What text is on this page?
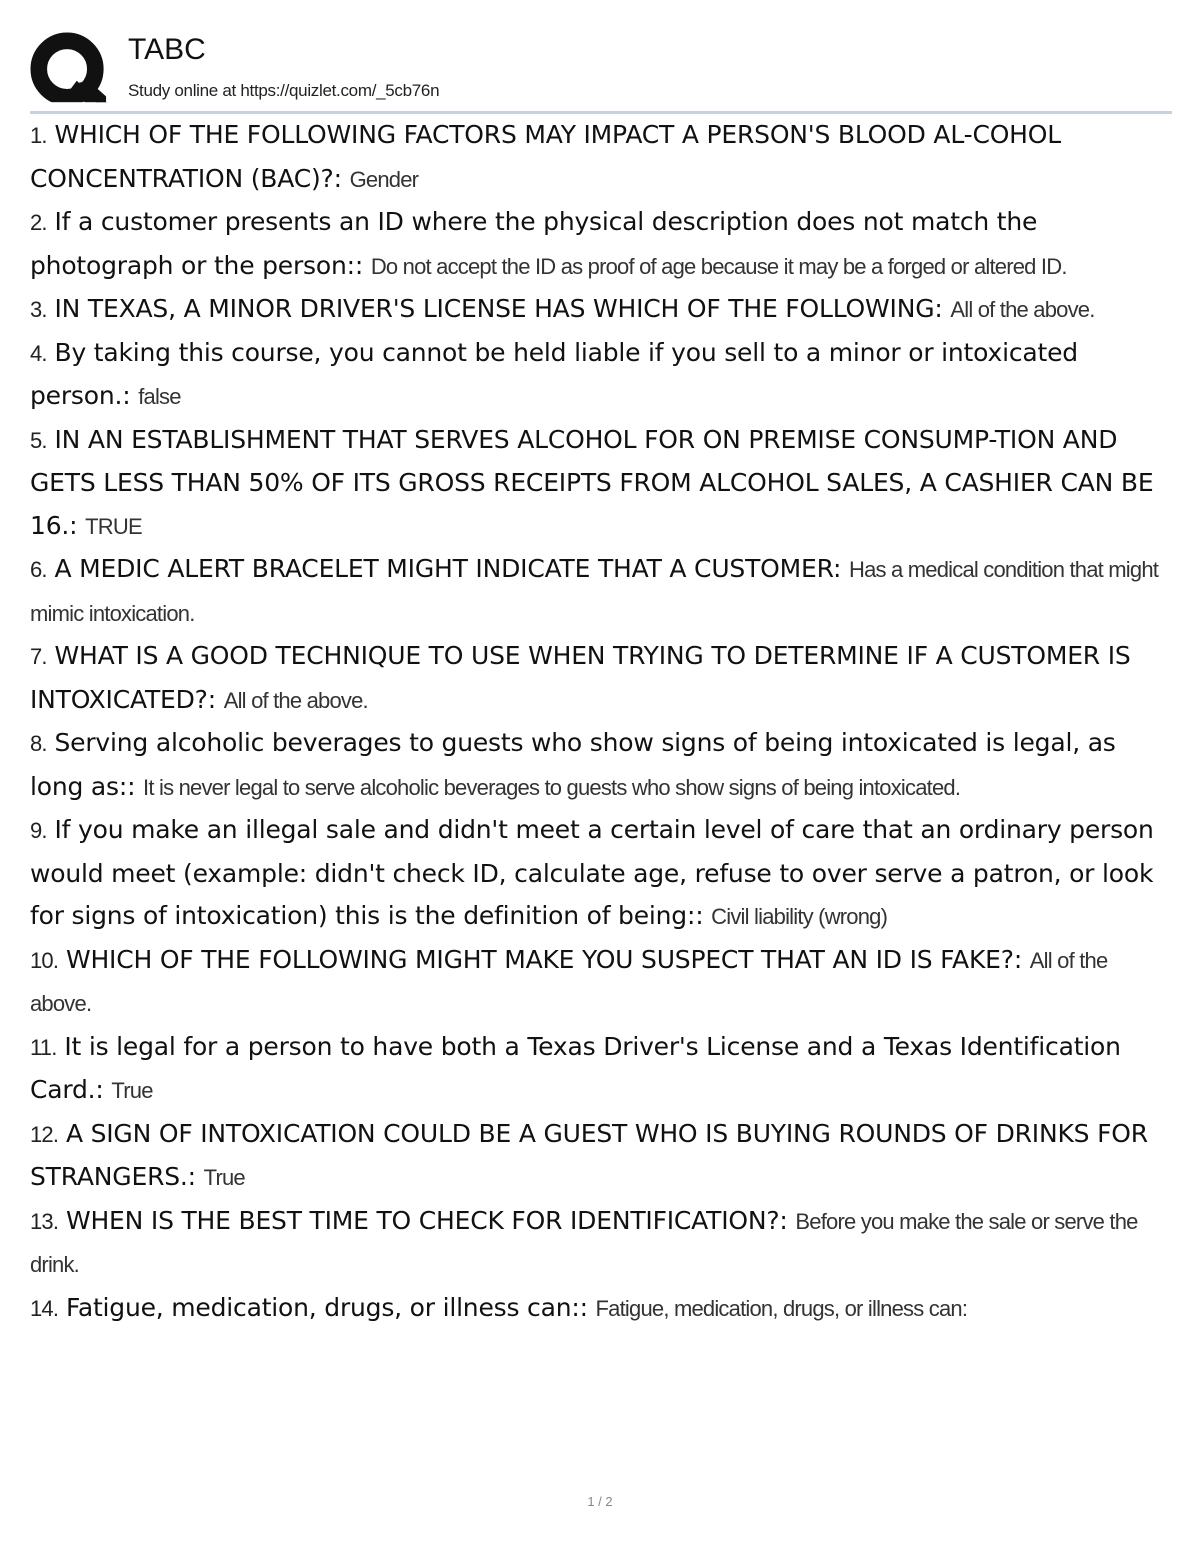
TABC
Study online at https://quizlet.com/_5cb76n

1. WHICH OF THE FOLLOWING FACTORS MAY IMPACT A PERSON'S BLOOD AL-COHOL CONCENTRATION (BAC)?: Gender

2. If a customer presents an ID where the physical description does not match the photograph or the person:: Do not accept the ID as proof of age because it may be a forged or altered ID.

3. IN TEXAS, A MINOR DRIVER'S LICENSE HAS WHICH OF THE FOLLOWING: All of the above.

4. By taking this course, you cannot be held liable if you sell to a minor or intoxicated person.: false

5. IN AN ESTABLISHMENT THAT SERVES ALCOHOL FOR ON PREMISE CONSUMP-TION AND GETS LESS THAN 50% OF ITS GROSS RECEIPTS FROM ALCOHOL SALES, A CASHIER CAN BE 16.: TRUE

6. A MEDIC ALERT BRACELET MIGHT INDICATE THAT A CUSTOMER: Has a medical condition that might mimic intoxication.

7. WHAT IS A GOOD TECHNIQUE TO USE WHEN TRYING TO DETERMINE IF A CUSTOMER IS INTOXICATED?: All of the above.

8. Serving alcoholic beverages to guests who show signs of being intoxicated is legal, as long as:: It is never legal to serve alcoholic beverages to guests who show signs of being intoxicated.

9. If you make an illegal sale and didn't meet a certain level of care that an ordinary person would meet (example: didn't check ID, calculate age, refuse to over serve a patron, or look for signs of intoxication) this is the definition of being:: Civil liability (wrong)

10. WHICH OF THE FOLLOWING MIGHT MAKE YOU SUSPECT THAT AN ID IS FAKE?: All of the above.

11. It is legal for a person to have both a Texas Driver's License and a Texas Identification Card.: True

12. A SIGN OF INTOXICATION COULD BE A GUEST WHO IS BUYING ROUNDS OF DRINKS FOR STRANGERS.: True

13. WHEN IS THE BEST TIME TO CHECK FOR IDENTIFICATION?: Before you make the sale or serve the drink.

14. Fatigue, medication, drugs, or illness can:: Fatigue, medication, drugs, or illness can:

1 / 2
